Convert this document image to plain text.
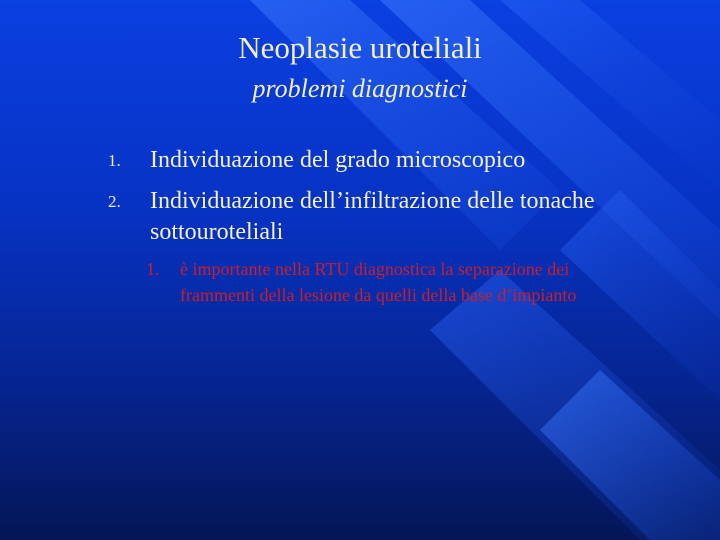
Neoplasie uroteliali
problemi diagnostici
1. Individuazione del grado microscopico
2. Individuazione dell’infiltrazione delle tonache sottouroteliali
1. è importante nella RTU diagnostica la separazione dei frammenti della lesione da quelli della base d’impianto
